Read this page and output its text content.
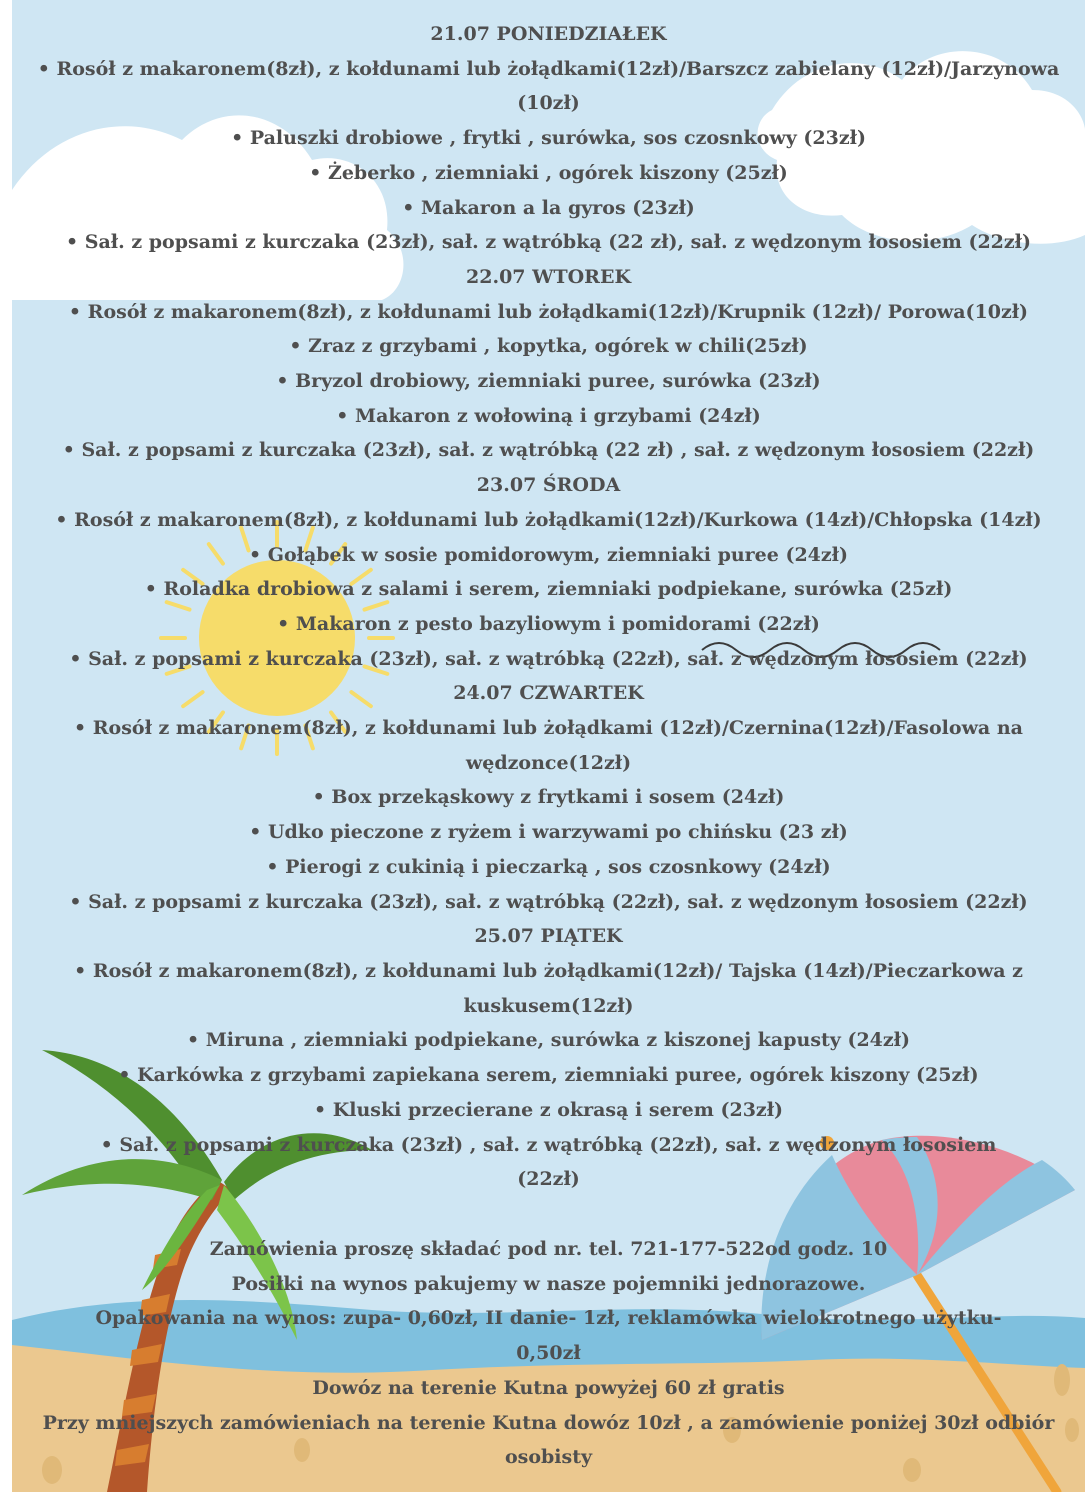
21.07 PONIEDZIAŁEK
• Rosół z makaronem(8zł), z kołdunami lub żołądkami(12zł)/Barszcz zabielany (12zł)/Jarzynowa (10zł)
• Paluszki drobiowe , frytki , surówka, sos czosnkowy (23zł)
• Żeberko , ziemniaki , ogórek kiszony (25zł)
• Makaron a la gyros (23zł)
• Sał. z popsami z kurczaka (23zł), sał. z wątróbką (22 zł), sał. z wędzonym łososiem (22zł)
22.07 WTOREK
• Rosół z makaronem(8zł), z kołdunami lub żołądkami(12zł)/Krupnik (12zł)/ Porowa(10zł)
• Zraz z grzybami , kopytka, ogórek w chili(25zł)
• Bryzol drobiowy, ziemniaki puree, surówka (23zł)
• Makaron z wołowiną i grzybami (24zł)
• Sał. z popsami z kurczaka (23zł), sał. z wątróbką (22 zł) , sał. z wędzonym łososiem (22zł)
23.07 ŚRODA
• Rosół z makaronem(8zł), z kołdunami lub żołądkami(12zł)/Kurkowa (14zł)/Chłopska (14zł)
• Gołąbek w sosie pomidorowym, ziemniaki puree (24zł)
• Roladka drobiowa z salami i serem, ziemniaki podpiekane, surówka (25zł)
• Makaron z pesto bazyliowym i pomidorami (22zł)
• Sał. z popsami z kurczaka (23zł), sał. z wątróbką (22zł), sał. z wędzonym łososiem (22zł)
24.07 CZWARTEK
• Rosół z makaronem(8zł), z kołdunami lub żołądkami (12zł)/Czernina(12zł)/Fasolowa na
wędzonce(12zł)
• Box przekąskowy z frytkami i sosem (24zł)
• Udko pieczone z ryżem i warzywami po chińsku (23 zł)
• Pierogi z cukinią i pieczarką , sos czosnkowy (24zł)
• Sał. z popsami z kurczaka (23zł), sał. z wątróbką (22zł), sał. z wędzonym łososiem (22zł)
25.07 PIĄTEK
• Rosół z makaronem(8zł), z kołdunami lub żołądkami(12zł)/ Tajska (14zł)/Pieczarkowa z
kuskusem(12zł)
• Miruna , ziemniaki podpiekane, surówka z kiszonej kapusty (24zł)
• Karkówka z grzybami zapiekana serem, ziemniaki puree, ogórek kiszony (25zł)
• Kluski przecierane z okrasą i serem (23zł)
• Sał. z popsami z kurczaka (23zł) , sał. z wątróbką (22zł), sał. z wędzonym łososiem
(22zł)
Zamówienia proszę składać pod nr. tel. 721-177-522od godz. 10
Posiłki na wynos pakujemy w nasze pojemniki jednorazowe.
Opakowania na wynos: zupa- 0,60zł, II danie- 1zł, reklamówka wielokrotnego użytku-
0,50zł
Dowóz na terenie Kutna powyżej 60 zł gratis
Przy mniejszych zamówieniach na terenie Kutna dowóz 10zł , a zamówienie poniżej 30zł odbiór
osobisty
